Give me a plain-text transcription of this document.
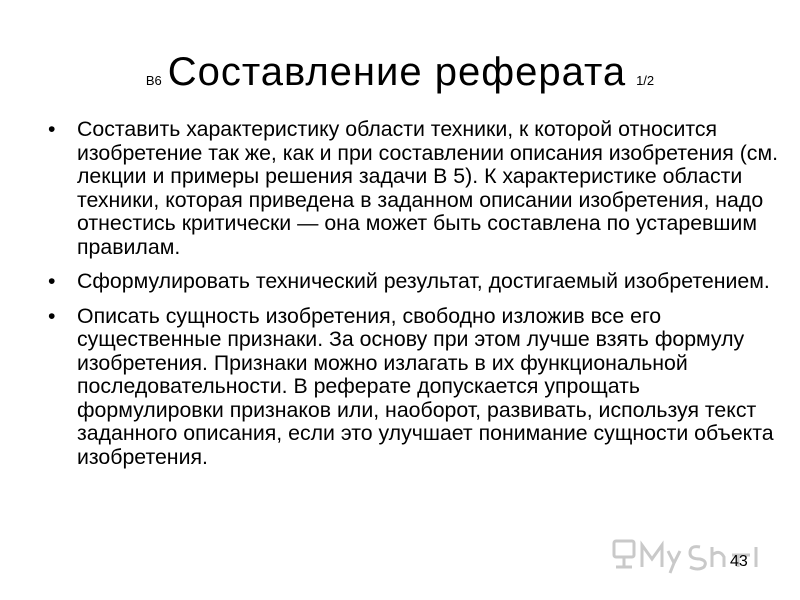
В6 Составление реферата 1/2
• Составить характеристику области техники, к которой относится изобретение так же, как и при составлении описания изобретения (см. лекции и примеры решения задачи В 5). К характеристике области техники, которая приведена в заданном описании изобретения, надо отнестись критически — она может быть составлена по устаревшим правилам.
• Сформулировать технический результат, достигаемый изобретением.
• Описать сущность изобретения, свободно изложив все его существенные признаки. За основу при этом лучше взять формулу изобретения. Признаки можно излагать в их функциональной последовательности. В реферате допускается упрощать формулировки признаков или, наоборот, развивать, используя текст заданного описания, если это улучшает понимание сущности объекта изобретения.
43
